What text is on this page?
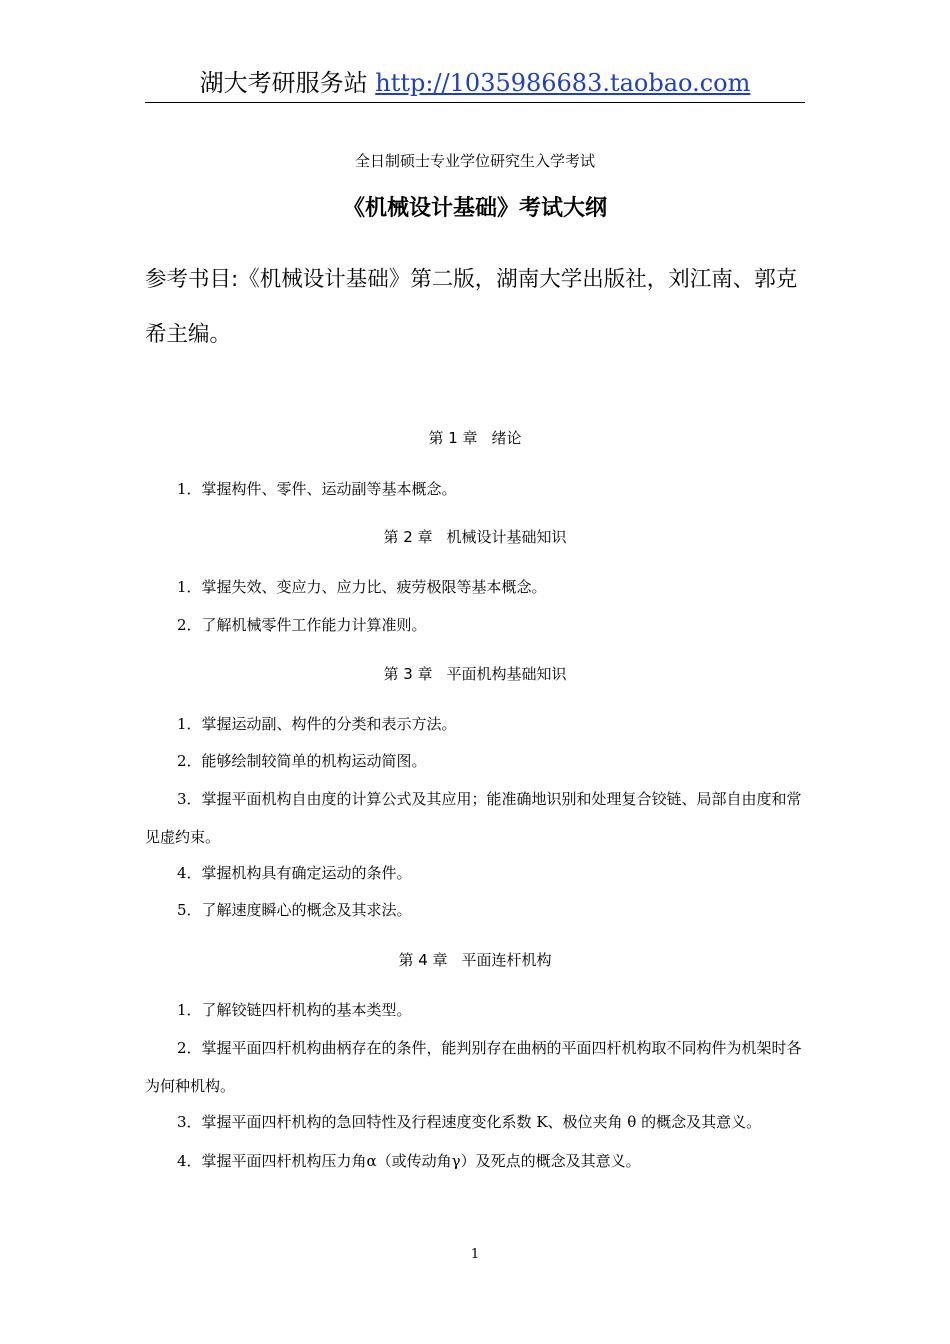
湖大考研服务站 http://1035986683.taobao.com
全日制硕士专业学位研究生入学考试
《机械设计基础》考试大纲
参考书目:《机械设计基础》第二版，湖南大学出版社，刘江南、郭克希主编。
第 1 章 绪论
1．掌握构件、零件、运动副等基本概念。
第 2 章 机械设计基础知识
1．掌握失效、变应力、应力比、疲劳极限等基本概念。
2．了解机械零件工作能力计算准则。
第 3 章 平面机构基础知识
1．掌握运动副、构件的分类和表示方法。
2．能够绘制较简单的机构运动简图。
3．掌握平面机构自由度的计算公式及其应用；能准确地识别和处理复合铰链、局部自由度和常见虚约束。
4．掌握机构具有确定运动的条件。
5．了解速度瞬心的概念及其求法。
第 4 章 平面连杆机构
1．了解铰链四杆机构的基本类型。
2．掌握平面四杆机构曲柄存在的条件，能判别存在曲柄的平面四杆机构取不同构件为机架时各为何种机构。
3．掌握平面四杆机构的急回特性及行程速度变化系数 K、极位夹角 θ 的概念及其意义。
4．掌握平面四杆机构压力角α（或传动角γ）及死点的概念及其意义。
1
